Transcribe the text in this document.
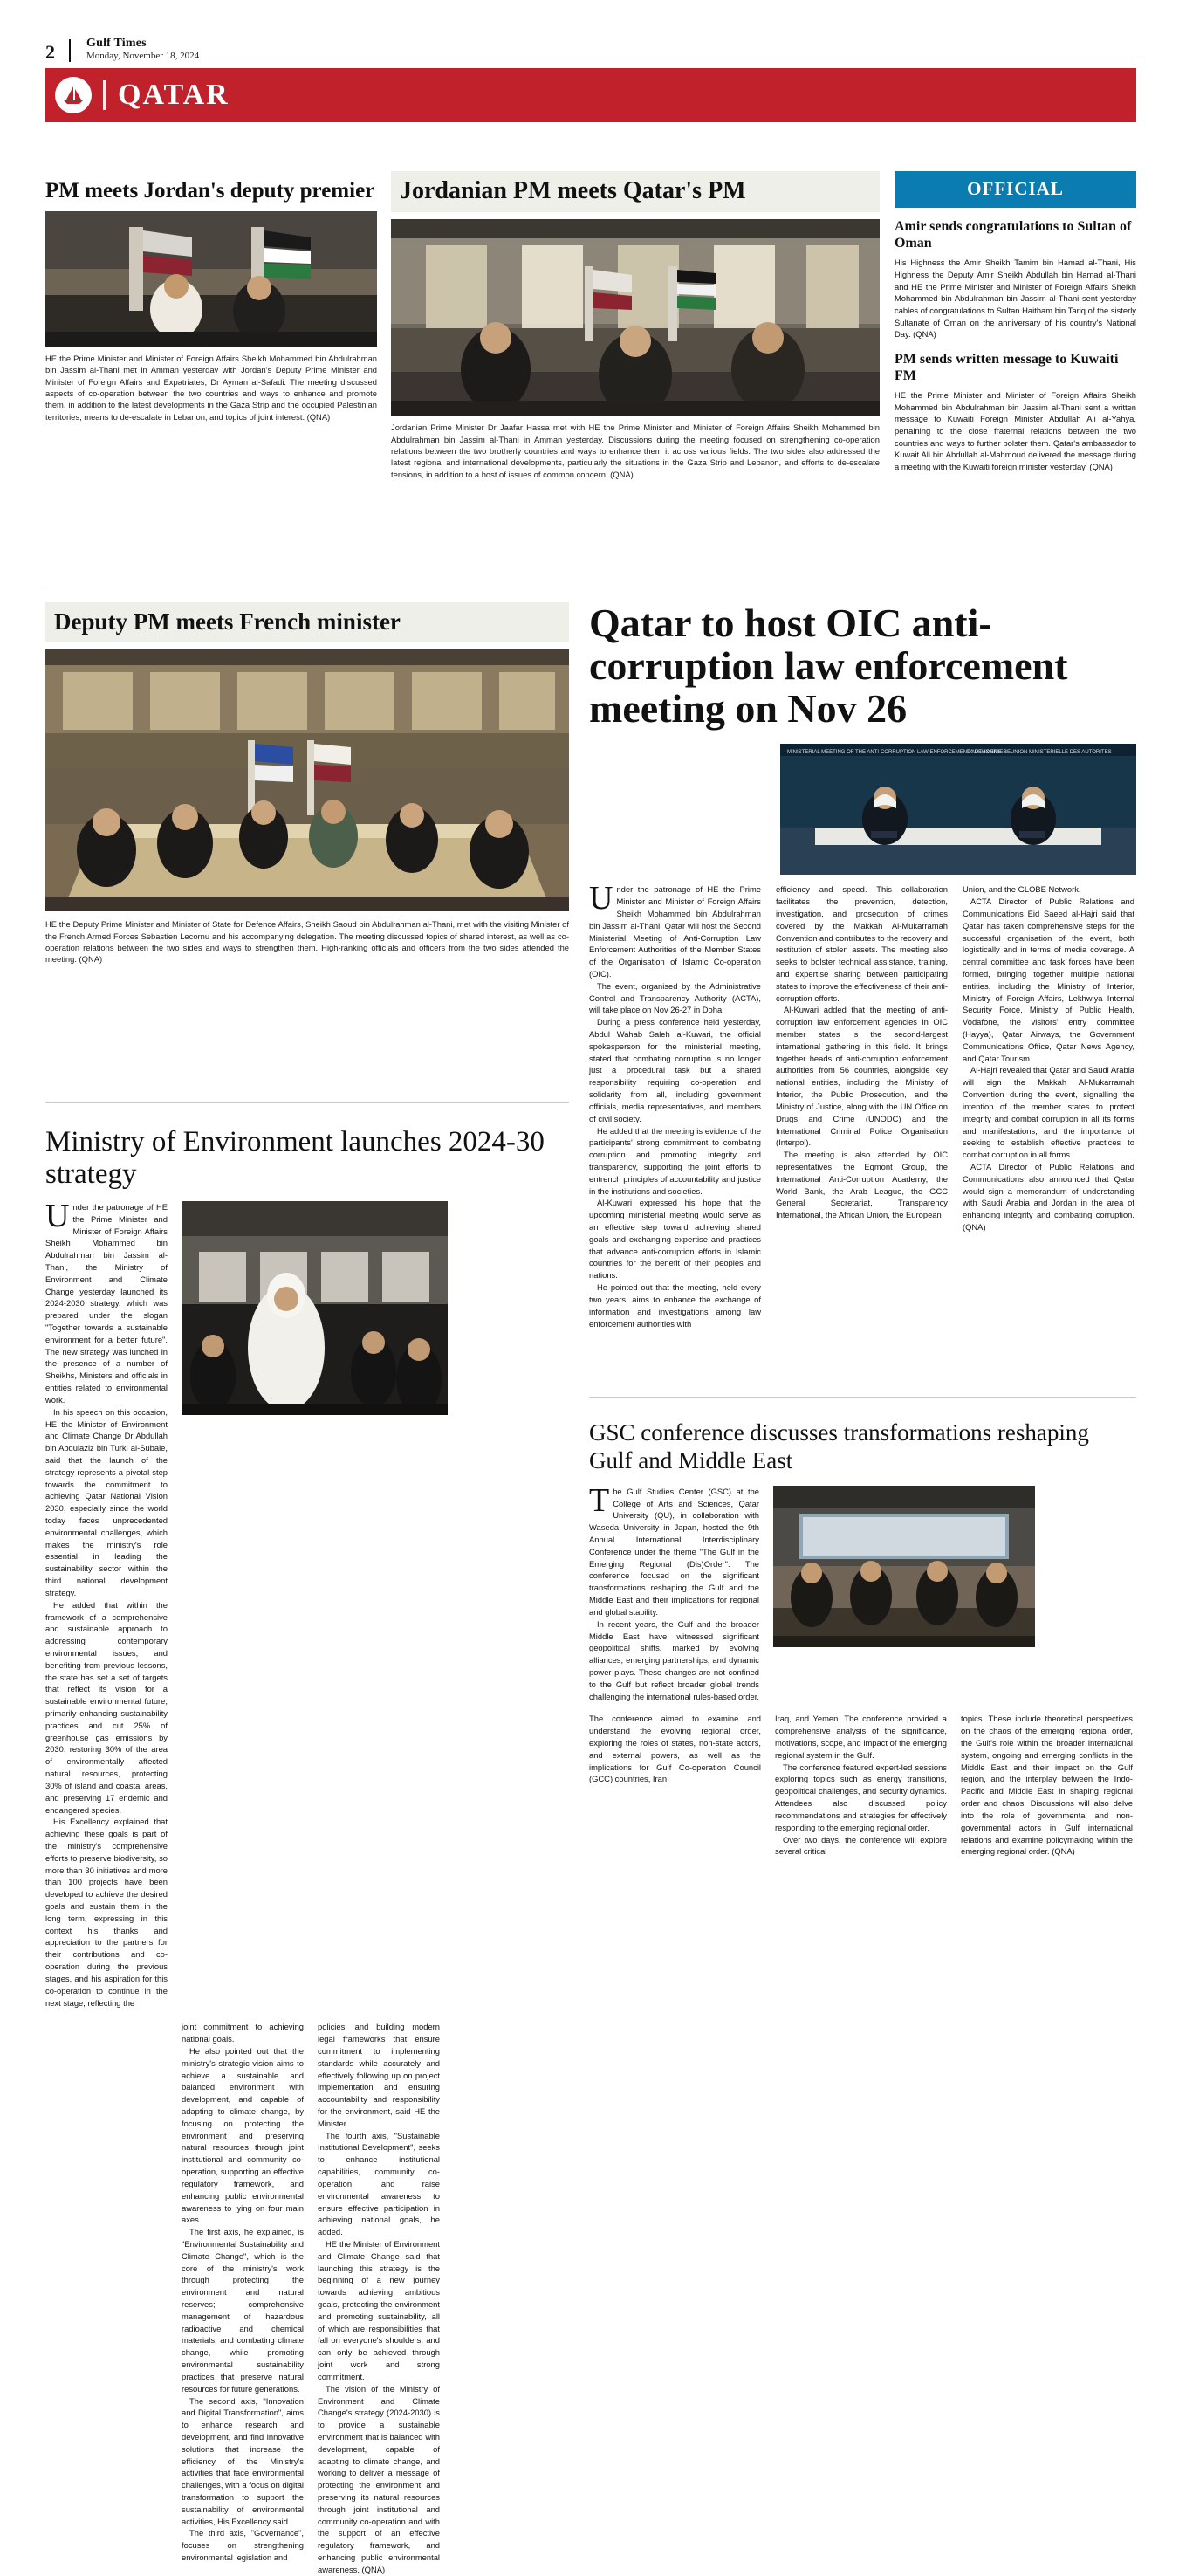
2	Gulf Times
Monday, November 18, 2024
QATAR
PM meets Jordan's deputy premier
HE the Prime Minister and Minister of Foreign Affairs Sheikh Mohammed bin Abdulrahman bin Jassim al-Thani met in Amman yesterday with Jordan's Deputy Prime Minister and Minister of Foreign Affairs and Expatriates, Dr Ayman al-Safadi. The meeting discussed aspects of co-operation between the two countries and ways to enhance and promote them, in addition to the latest developments in the Gaza Strip and the occupied Palestinian territories, means to de-escalate in Lebanon, and topics of joint interest. (QNA)
Jordanian PM meets Qatar's PM
Jordanian Prime Minister Dr Jaafar Hassa met with HE the Prime Minister and Minister of Foreign Affairs Sheikh Mohammed bin Abdulrahman bin Jassim al-Thani in Amman yesterday. Discussions during the meeting focused on strengthening co-operation relations between the two brotherly countries and ways to enhance them it across various fields. The two sides also addressed the latest regional and international developments, particularly the situations in the Gaza Strip and Lebanon, and efforts to de-escalate tensions, in addition to a host of issues of common concern. (QNA)
OFFICIAL
Amir sends congratulations to Sultan of Oman
His Highness the Amir Sheikh Tamim bin Hamad al-Thani, His Highness the Deputy Amir Sheikh Abdullah bin Hamad al-Thani and HE the Prime Minister and Minister of Foreign Affairs Sheikh Mohammed bin Abdulrahman bin Jassim al-Thani sent yesterday cables of congratulations to Sultan Haitham bin Tariq of the sisterly Sultanate of Oman on the anniversary of his country's National Day. (QNA)
PM sends written message to Kuwaiti FM
HE the Prime Minister and Minister of Foreign Affairs Sheikh Mohammed bin Abdulrahman bin Jassim al-Thani sent a written message to Kuwaiti Foreign Minister Abdullah Ali al-Yahya, pertaining to the close fraternal relations between the two countries and ways to further bolster them. Qatar's ambassador to Kuwait Ali bin Abdullah al-Mahmoud delivered the message during a meeting with the Kuwaiti foreign minister yesterday. (QNA)
Deputy PM meets French minister
HE the Deputy Prime Minister and Minister of State for Defence Affairs, Sheikh Saoud bin Abdulrahman al-Thani, met with the visiting Minister of the French Armed Forces Sebastien Lecornu and his accompanying delegation. The meeting discussed topics of shared interest, as well as co-operation relations between the two sides and ways to strengthen them. High-ranking officials and officers from the two sides attended the meeting. (QNA)
Qatar to host OIC anti-corruption law enforcement meeting on Nov 26
MINISTERIAL MEETING OF THE ANTI-CORRUPTION LAW ENFORCEMENT AUTHORITIES
LA DEUXIEME REUNION MINISTERIELLE DES AUTORITES

Under the patronage of HE the Prime Minister and Minister of Foreign Affairs Sheikh Mohammed bin Abdulrahman bin Jassim al-Thani, Qatar will host the Second Ministerial Meeting of Anti-Corruption Law Enforcement Authorities of the Member States of the Organisation of Islamic Co-operation (OIC).

The event, organised by the Administrative Control and Transparency Authority (ACTA), will take place on Nov 26-27 in Doha.

During a press conference held yesterday, Abdul Wahab Saleh al-Kuwari, the official spokesperson for the ministerial meeting, stated that combating corruption is no longer just a procedural task but a shared responsibility requiring co-operation and solidarity from all, including government officials, media representatives, and members of civil society.

He added that the meeting is evidence of the participants' strong commitment to combating corruption and promoting integrity and transparency, supporting the joint efforts to entrench principles of accountability and justice in the institutions and societies.

Al-Kuwari expressed his hope that the upcoming ministerial meeting would serve as an effective step toward achieving shared goals and exchanging expertise and practices that advance anti-corruption efforts in Islamic countries for the benefit of their peoples and nations.

He pointed out that the meeting, held every two years, aims to enhance the exchange of information and investigations among law enforcement authorities with

efficiency and speed. This collaboration facilitates the prevention, detection, investigation, and prosecution of crimes covered by the Makkah Al-Mukarramah Convention and contributes to the recovery and restitution of stolen assets. The meeting also seeks to bolster technical assistance, training, and expertise sharing between participating states to improve the effectiveness of their anti-corruption efforts.

Al-Kuwari added that the meeting of anti-corruption law enforcement agencies in OIC member states is the second-largest international gathering in this field. It brings together heads of anti-corruption enforcement authorities from 56 countries, alongside key national entities, including the Ministry of Interior, the Public Prosecution, and the Ministry of Justice, along with the UN Office on Drugs and Crime (UNODC) and the International Criminal Police Organisation (Interpol).

The meeting is also attended by OIC representatives, the Egmont Group, the International Anti-Corruption Academy, the World Bank, the Arab League, the GCC General Secretariat, Transparency International, the African Union, the European

Union, and the GLOBE Network.

ACTA Director of Public Relations and Communications Eid Saeed al-Hajri said that Qatar has taken comprehensive steps for the successful organisation of the event, both logistically and in terms of media coverage. A central committee and task forces have been formed, bringing together multiple national entities, including the Ministry of Interior, Ministry of Foreign Affairs, Lekhwiya Internal Security Force, Ministry of Public Health, Vodafone, the visitors' entry committee (Hayya), Qatar Airways, the Government Communications Office, Qatar News Agency, and Qatar Tourism.

Al-Hajri revealed that Qatar and Saudi Arabia will sign the Makkah Al-Mukarramah Convention during the event, signalling the intention of the member states to protect integrity and combat corruption in all its forms and manifestations, and the importance of seeking to establish effective practices to combat corruption in all forms.

ACTA Director of Public Relations and Communications also announced that Qatar would sign a memorandum of understanding with Saudi Arabia and Jordan in the area of enhancing integrity and combating corruption. (QNA)

Ministry of Environment launches 2024-30 strategy

Under the patronage of HE the Prime Minister and Minister of Foreign Affairs Sheikh Mohammed bin Abdulrahman bin Jassim al-Thani, the Ministry of Environment and Climate Change yesterday launched its 2024-2030 strategy, which was prepared under the slogan "Together towards a sustainable environment for a better future". The new strategy was lunched in the presence of a number of Sheikhs, Ministers and officials in entities related to environmental work.

In his speech on this occasion, HE the Minister of Environment and Climate Change Dr Abdullah bin Abdulaziz bin Turki al-Subaie, said that the launch of the strategy represents a pivotal step towards the commitment to achieving Qatar National Vision 2030, especially since the world today faces unprecedented environmental challenges, which makes the ministry's role essential in leading the sustainability sector within the third national development strategy.

He added that within the framework of a comprehensive and sustainable approach to addressing contemporary environmental issues, and benefiting from previous lessons, the state has set a set of targets that reflect its vision for a sustainable environmental future, primarily enhancing sustainability practices and cut 25% of greenhouse gas emissions by 2030, restoring 30% of the area of environmentally affected natural resources, protecting 30% of island and coastal areas, and preserving 17 endemic and endangered species.

His Excellency explained that achieving these goals is part of the ministry's comprehensive efforts to preserve biodiversity, so more than 30 initiatives and more than 100 projects have been developed to achieve the desired goals and sustain them in the long term, expressing in this context his thanks and appreciation to the partners for their contributions and co-operation during the previous stages, and his aspiration for this co-operation to continue in the next stage, reflecting the

joint commitment to achieving national goals.

He also pointed out that the ministry's strategic vision aims to achieve a sustainable and balanced environment with development, and capable of adapting to climate change, by focusing on protecting the environment and preserving natural resources through joint institutional and community co-operation, supporting an effective regulatory framework, and enhancing public environmental awareness to lying on four main axes.

The first axis, he explained, is "Environmental Sustainability and Climate Change", which is the core of the ministry's work through protecting the environment and natural reserves; comprehensive management of hazardous radioactive and chemical materials; and combating climate change, while promoting environmental sustainability practices that preserve natural resources for future generations.

The second axis, "Innovation and Digital Transformation", aims to enhance research and development, and find innovative solutions that increase the efficiency of the Ministry's activities that face environmental challenges, with a focus on digital transformation to support the sustainability of environmental activities, His Excellency said.

The third axis, "Governance", focuses on strengthening environmental legislation and

policies, and building modern legal frameworks that ensure commitment to implementing standards while accurately and effectively following up on project implementation and ensuring accountability and responsibility for the environment, said HE the Minister.

The fourth axis, "Sustainable Institutional Development", seeks to enhance institutional capabilities, community co-operation, and raise environmental awareness to ensure effective participation in achieving national goals, he added.

HE the Minister of Environment and Climate Change said that launching this strategy is the beginning of a new journey towards achieving ambitious goals, protecting the environment and promoting sustainability, all of which are responsibilities that fall on everyone's shoulders, and can only be achieved through joint work and strong commitment.

The vision of the Ministry of Environment and Climate Change's strategy (2024-2030) is to provide a sustainable environment that is balanced with development, capable of adapting to climate change, and working to deliver a message of protecting the environment and preserving its natural resources through joint institutional and community co-operation and with the support of an effective regulatory framework, and enhancing public environmental awareness. (QNA)

GSC conference discusses transformations reshaping Gulf and Middle East

The Gulf Studies Center (GSC) at the College of Arts and Sciences, Qatar University (QU), in collaboration with Waseda University in Japan, hosted the 9th Annual International Interdisciplinary Conference under the theme "The Gulf in the Emerging Regional (Dis)Order". The conference focused on the significant transformations reshaping the Gulf and the Middle East and their implications for regional and global stability.

In recent years, the Gulf and the broader Middle East have witnessed significant geopolitical shifts, marked by evolving alliances, emerging partnerships, and dynamic power plays. These changes are not confined to the Gulf but reflect broader global trends challenging the international rules-based order.

The conference aimed to examine and understand the evolving regional order, exploring the roles of states, non-state actors, and external powers, as well as the implications for Gulf Co-operation Council (GCC) countries, Iran,

Iraq, and Yemen. The conference provided a comprehensive analysis of the significance, motivations, scope, and impact of the emerging regional system in the Gulf.

The conference featured expert-led sessions exploring topics such as energy transitions, geopolitical challenges, and security dynamics. Attendees also discussed policy recommendations and strategies for effectively responding to the emerging regional order.

Over two days, the conference will explore several critical

topics. These include theoretical perspectives on the chaos of the emerging regional order, the Gulf's role within the broader international system, ongoing and emerging conflicts in the Middle East and their impact on the Gulf region, and the interplay between the Indo-Pacific and Middle East in shaping regional order and chaos. Discussions will also delve into the role of governmental and non-governmental actors in Gulf international relations and examine policymaking within the emerging regional order. (QNA)
